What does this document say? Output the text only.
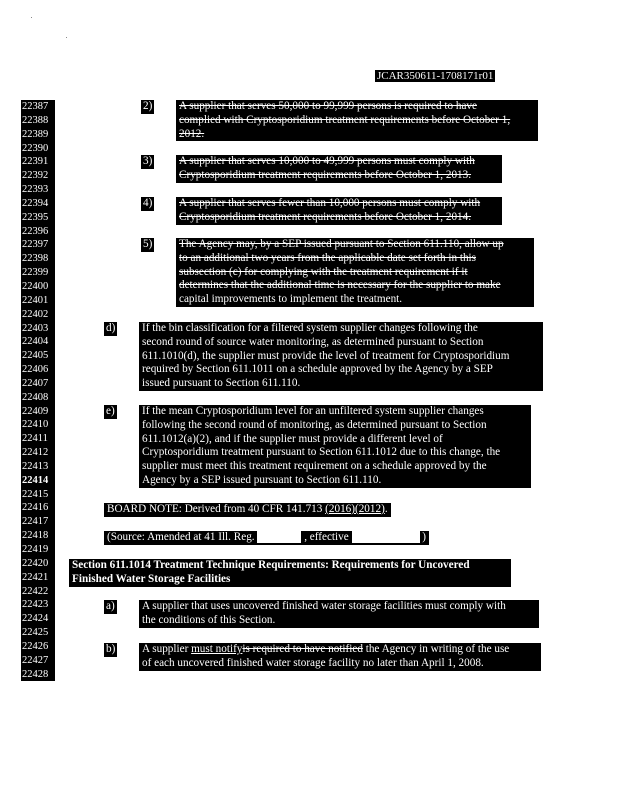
JCAR350611-1708171r01
22387
22388
22389
22390
22391
22392
22393
22394
22395
22396
22397
22398
22399
22400
22401
22402
22403
22404
22405
22406
22407
22408
22409
22410
22411
22412
22413
22414
22415
22416
22417
22418
22419
22420
22421
22422
22423
22424
22425
22426
22427
22428
2) A supplier that serves 50,000 to 99,999 persons is required to have
complied with Cryptosporidium treatment requirements before October 1,
2012.
3) A supplier that serves 10,000 to 49,999 persons must comply with
Cryptosporidium treatment requirements before October 1, 2013.
4) A supplier that serves fewer than 10,000 persons must comply with
Cryptosporidium treatment requirements before October 1, 2014.
5) The Agency may, by a SEP issued pursuant to Section 611.110, allow up
to an additional two years from the applicable date set forth in this
subsection (c) for complying with the treatment requirement if it
determines that the additional time is necessary for the supplier to make
capital improvements to implement the treatment.
d) If the bin classification for a filtered system supplier changes following the
second round of source water monitoring, as determined pursuant to Section
611.1010(d), the supplier must provide the level of treatment for Cryptosporidium
required by Section 611.1011 on a schedule approved by the Agency by a SEP
issued pursuant to Section 611.110.
e) If the mean Cryptosporidium level for an unfiltered system supplier changes
following the second round of monitoring, as determined pursuant to Section
611.1012(a)(2), and if the supplier must provide a different level of
Cryptosporidium treatment pursuant to Section 611.1012 due to this change, the
supplier must meet this treatment requirement on a schedule approved by the
Agency by a SEP issued pursuant to Section 611.110.
BOARD NOTE: Derived from 40 CFR 141.713 (2016)(2012).
(Source: Amended at 41 Ill. Reg.	, effective	)
Section 611.1014 Treatment Technique Requirements: Requirements for Uncovered
Finished Water Storage Facilities
a) A supplier that uses uncovered finished water storage facilities must comply with
the conditions of this Section.
b) A supplier must notifyis required to have notified the Agency in writing of the use
of each uncovered finished water storage facility no later than April 1, 2008.
